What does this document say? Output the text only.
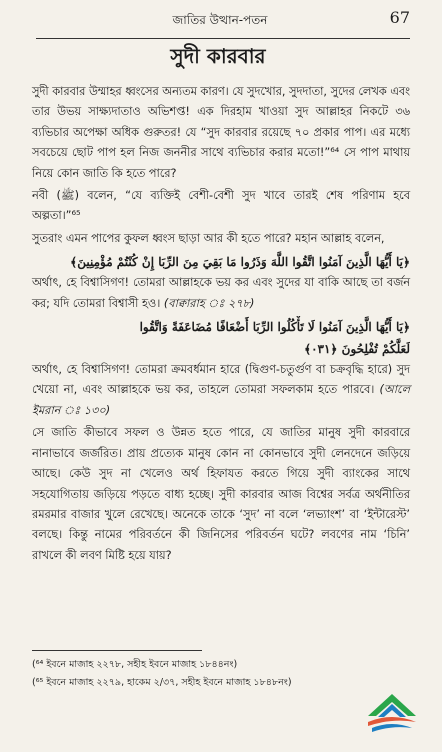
জাতির উত্থান-পতন	67
সুদী কারবার

সুদী কারবার উম্মাহর ধ্বংসের অন্যতম কারণ। যে সুদখোর, সুদদাতা, সুদের লেখক এবং তার উভয় সাক্ষ্যদাতাও অভিশপ্ত! এক দিরহাম খাওয়া সুদ আল্লাহর নিকটে ৩৬ ব্যভিচার অপেক্ষা অধিক গুরুতর! যে “সুদ কারবার রয়েছে ৭০ প্রকার পাপ। এর মধ্যে সবচেয়ে ছোট পাপ হল নিজ জননীর সাথে ব্যভিচার করার মতো!”⁶⁴ সে পাপ মাথায় নিয়ে কোন জাতি কি হতে পারে?

নবী (ﷺ) বলেন, “যে ব্যক্তিই বেশী-বেশী সুদ খাবে তারই শেষ পরিণাম হবে অল্পতা।”⁶⁵

সুতরাং এমন পাপের কুফল ধ্বংস ছাড়া আর কী হতে পারে? মহান আল্লাহ বলেন,

﴿يَا أَيُّهَا الَّذِينَ آمَنُوا اتَّقُوا اللَّهَ وَذَرُوا مَا بَقِيَ مِنَ الرِّبَا إِنْ كُنْتُمْ مُؤْمِنِينَ﴾

অর্থাৎ, হে বিশ্বাসিগণ! তোমরা আল্লাহকে ভয় কর এবং সুদের যা বাকি আছে তা বর্জন কর; যদি তোমরা বিশ্বাসী হও। (বাক্বারাহ ঃ ২৭৮)

﴿يَا أَيُّهَا الَّذِينَ آمَنُوا لَا تَأْكُلُوا الرِّبَا أَضْعَافًا مُضَاعَفَةً وَاتَّقُوا
لَعَلَّكُمْ تُفْلِحُونَ ﴿١٣٠﴾

অর্থাৎ, হে বিশ্বাসিগণ! তোমরা ক্রমবর্ধমান হারে (দ্বিগুণ-চতুর্গুণ বা চক্রবৃদ্ধি হারে) সুদ খেয়ো না, এবং আল্লাহকে ভয় কর, তাহলে তোমরা সফলকাম হতে পারবে। (আলে ইমরান ঃ ১৩০)

সে জাতি কীভাবে সফল ও উন্নত হতে পারে, যে জাতির মানুষ সুদী কারবারে নানাভাবে জর্জরিত। প্রায় প্রত্যেক মানুষ কোন না কোনভাবে সুদী লেনদেনে জড়িয়ে আছে। কেউ সুদ না খেলেও অর্থ হিফাযত করতে গিয়ে সুদী ব্যাংকের সাথে সহযোগিতায় জড়িয়ে পড়তে বাধ্য হচ্ছে। সুদী কারবার আজ বিশ্বের সর্বত্র অর্থনীতির রমরমার বাজার খুলে রেখেছে। অনেকে তাকে ‘সুদ’ না বলে ‘লভ্যাংশ’ বা ‘ইন্টারেস্ট’ বলছে। কিন্তু নামের পরিবর্তনে কী জিনিসের পরিবর্তন ঘটে? লবণের নাম ‘চিনি’ রাখলে কী লবণ মিষ্টি হয়ে যায়?

(⁶⁴ ইবনে মাজাহ ২২৭৮, সহীহ ইবনে মাজাহ ১৮৪৪নং)
(⁶⁵ ইবনে মাজাহ ২২৭৯, হাকেম ২/৩৭, সহীহ ইবনে মাজাহ ১৮৪৮নং)
